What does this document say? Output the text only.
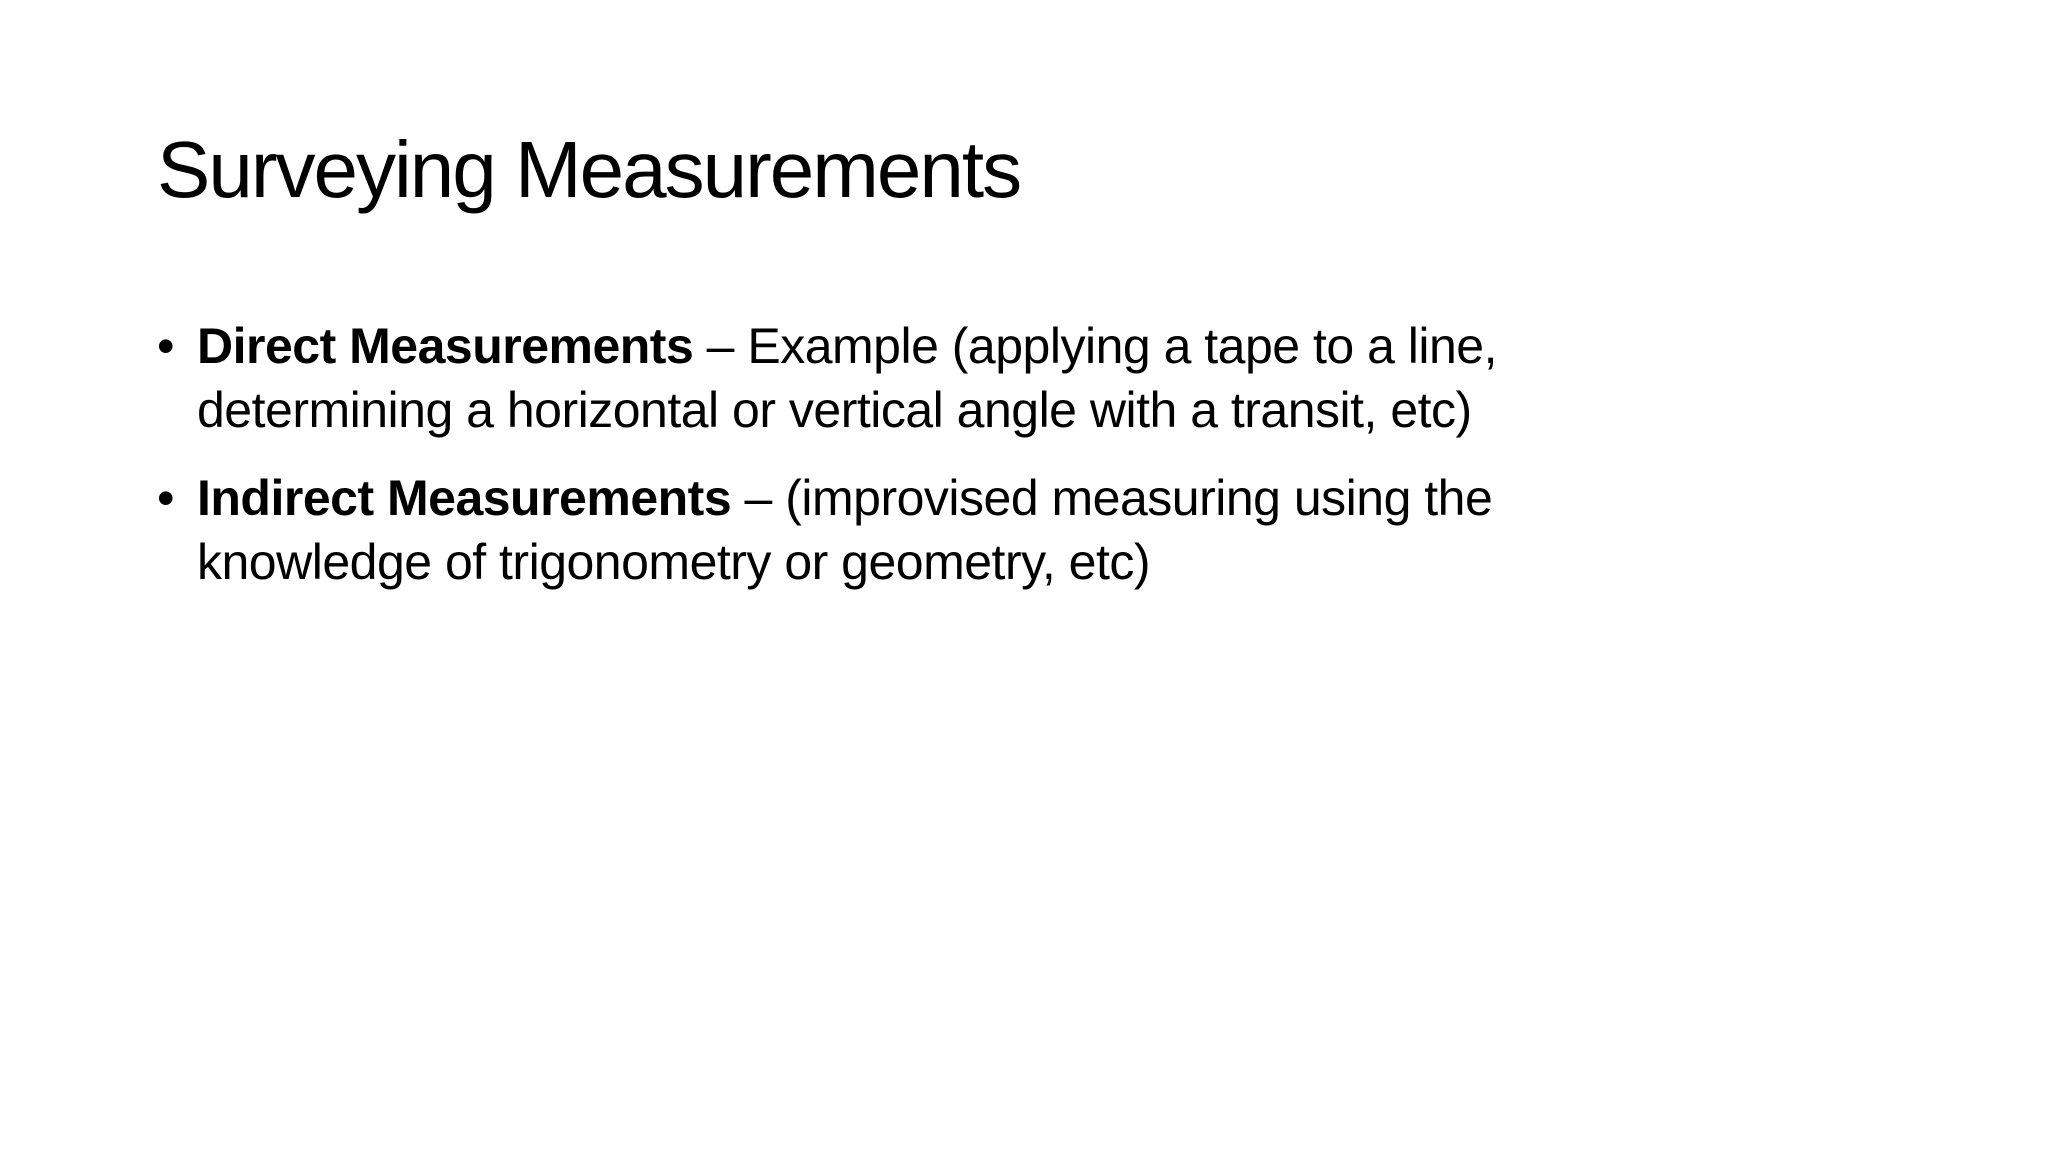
Surveying Measurements
• Direct Measurements – Example (applying a tape to a line,
determining a horizontal or vertical angle with a transit, etc)
• Indirect Measurements – (improvised measuring using the
knowledge of trigonometry or geometry, etc)
